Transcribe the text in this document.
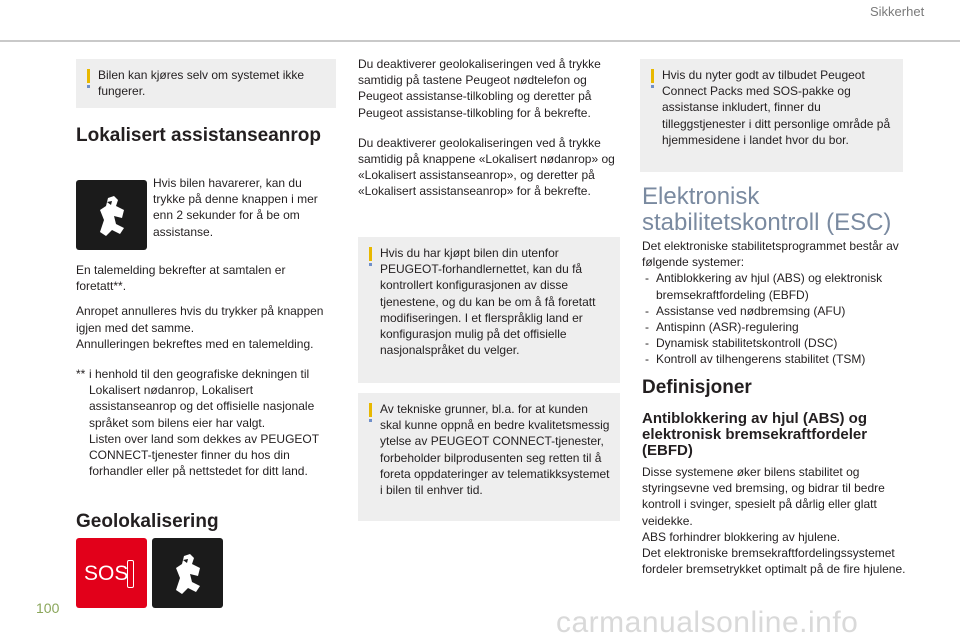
Sikkerhet
Bilen kan kjøres selv om systemet ikke fungerer.
Lokalisert assistanseanrop

Hvis bilen havarerer, kan du trykke på denne knappen i mer enn 2 sekunder for å be om assistanse.

En talemelding bekrefter at samtalen er foretatt**.

Anropet annulleres hvis du trykker på knappen igjen med det samme.

Annulleringen bekreftes med en talemelding.

** i henhold til den geografiske dekningen til Lokalisert nødanrop, Lokalisert assistanseanrop og det offisielle nasjonale språket som bilens eier har valgt.

Listen over land som dekkes av PEUGEOT CONNECT-tjenester finner du hos din forhandler eller på nettstedet for ditt land.

Geolokalisering
SOS

Du deaktiverer geolokaliseringen ved å trykke samtidig på tastene Peugeot nødtelefon og Peugeot assistanse-tilkobling og deretter på Peugeot assistanse-tilkobling for å bekrefte.

Du deaktiverer geolokaliseringen ved å trykke samtidig på knappene «Lokalisert nødanrop» og «Lokalisert assistanseanrop», og deretter på «Lokalisert assistanseanrop» for å bekrefte.

Hvis du har kjøpt bilen din utenfor PEUGEOT-forhandlernettet, kan du få kontrollert konfigurasjonen av disse tjenestene, og du kan be om å få foretatt modifiseringen. I et flerspråklig land er konfigurasjon mulig på det offisielle nasjonalspråket du velger.
Av tekniske grunner, bl.a. for at kunden skal kunne oppnå en bedre kvalitetsmessig ytelse av PEUGEOT CONNECT-tjenester, forbeholder bilprodusenten seg retten til å foreta oppdateringer av telematikksystemet i bilen til enhver tid.
Hvis du nyter godt av tilbudet Peugeot Connect Packs med SOS-pakke og assistanse inkludert, finner du tilleggstjenester i ditt personlige område på hjemmesidene i landet hvor du bor.
Elektronisk
stabilitetskontroll (ESC)

Det elektroniske stabilitetsprogrammet består av følgende systemer:

- Antiblokkering av hjul (ABS) og elektronisk bremsekraftfordeling (EBFD)
- Assistanse ved nødbremsing (AFU)
- Antispinn (ASR)-regulering
- Dynamisk stabilitetskontroll (DSC)
- Kontroll av tilhengerens stabilitet (TSM)
Definisjoner
Antiblokkering av hjul (ABS) og elektronisk bremsekraftfordeler (EBFD)

Disse systemene øker bilens stabilitet og styringsevne ved bremsing, og bidrar til bedre kontroll i svinger, spesielt på dårlig eller glatt veidekke.

ABS forhindrer blokkering av hjulene.

Det elektroniske bremsekraftfordelingssystemet fordeler bremsetrykket optimalt på de fire hjulene.

100	carmanualsonline.info
